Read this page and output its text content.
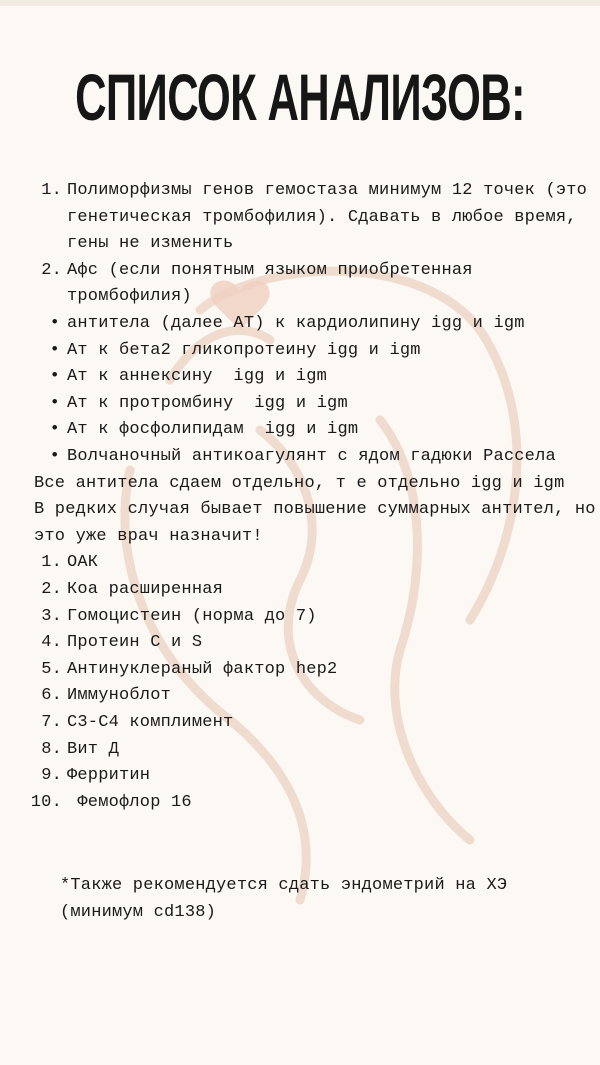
СПИСОК АНАЛИЗОВ:
1. Полиморфизмы генов гемостаза минимум 12 точек (это
генетическая тромбофилия). Сдавать в любое время,
гены не изменить
2. Афс (если понятным языком приобретенная
тромбофилия)
• антитела (далее АТ) к кардиолипину igg и igm
• Ат к бета2 гликопротеину igg и igm
• Ат к аннексину  igg и igm
• Ат к протромбину  igg и igm
• Ат к фосфолипидам  igg и igm
• Волчаночный антикоагулянт с ядом гадюки Рассела
Все антитела сдаем отдельно, т е отдельно igg и igm
В редких случая бывает повышение суммарных антител, но
это уже врач назначит!
1. ОАК
2. Коа расширенная
3. Гомоцистеин (норма до 7)
4. Протеин С и S
5. Антинуклераный фактор hep2
6. Иммуноблот
7. С3-С4 комплимент
8. Вит Д
9. Ферритин
10. Фемофлор 16
*Также рекомендуется сдать эндометрий на ХЭ
(минимум cd138)
